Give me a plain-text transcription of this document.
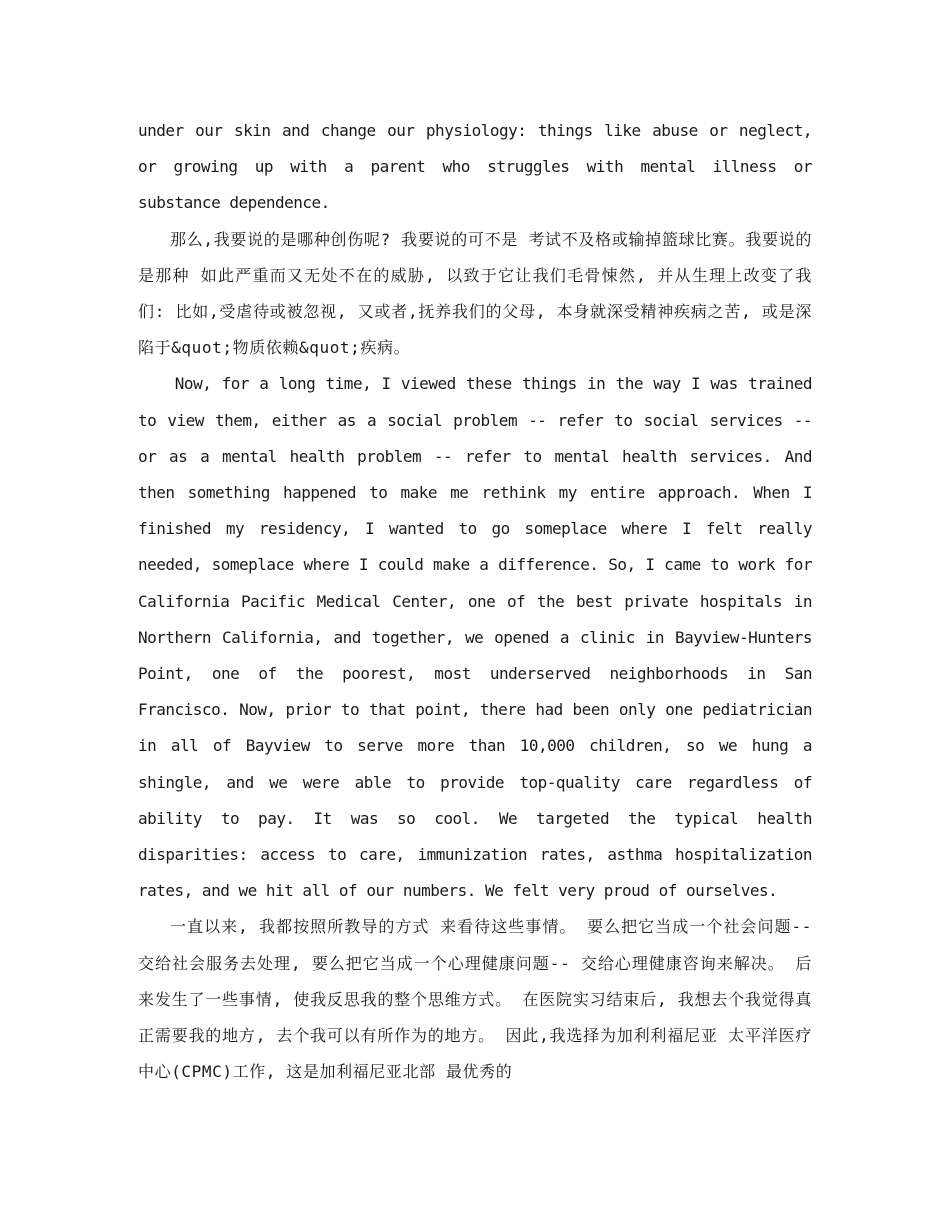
under our skin and change our physiology: things like abuse or neglect, or growing up with a parent who struggles with mental illness or substance dependence.

那么,我要说的是哪种创伤呢? 我要说的可不是 考试不及格或输掉篮球比赛。我要说的是那种 如此严重而又无处不在的威胁, 以致于它让我们毛骨悚然, 并从生理上改变了我们: 比如,受虐待或被忽视, 又或者,抚养我们的父母, 本身就深受精神疾病之苦, 或是深陷于&quot;物质依赖&quot;疾病。

Now, for a long time, I viewed these things in the way I was trained to view them, either as a social problem -- refer to social services -- or as a mental health problem -- refer to mental health services. And then something happened to make me rethink my entire approach. When I finished my residency, I wanted to go someplace where I felt really needed, someplace where I could make a difference. So, I came to work for California Pacific Medical Center, one of the best private hospitals in Northern California, and together, we opened a clinic in Bayview-Hunters Point, one of the poorest, most underserved neighborhoods in San Francisco. Now, prior to that point, there had been only one pediatrician in all of Bayview to serve more than 10,000 children, so we hung a shingle, and we were able to provide top-quality care regardless of ability to pay. It was so cool. We targeted the typical health disparities: access to care, immunization rates, asthma hospitalization rates, and we hit all of our numbers. We felt very proud of ourselves.

一直以来, 我都按照所教导的方式 来看待这些事情。 要么把它当成一个社会问题-- 交给社会服务去处理, 要么把它当成一个心理健康问题-- 交给心理健康咨询来解决。 后来发生了一些事情, 使我反思我的整个思维方式。 在医院实习结束后, 我想去个我觉得真正需要我的地方, 去个我可以有所作为的地方。 因此,我选择为加利利福尼亚 太平洋医疗中心(CPMC)工作, 这是加利福尼亚北部 最优秀的
